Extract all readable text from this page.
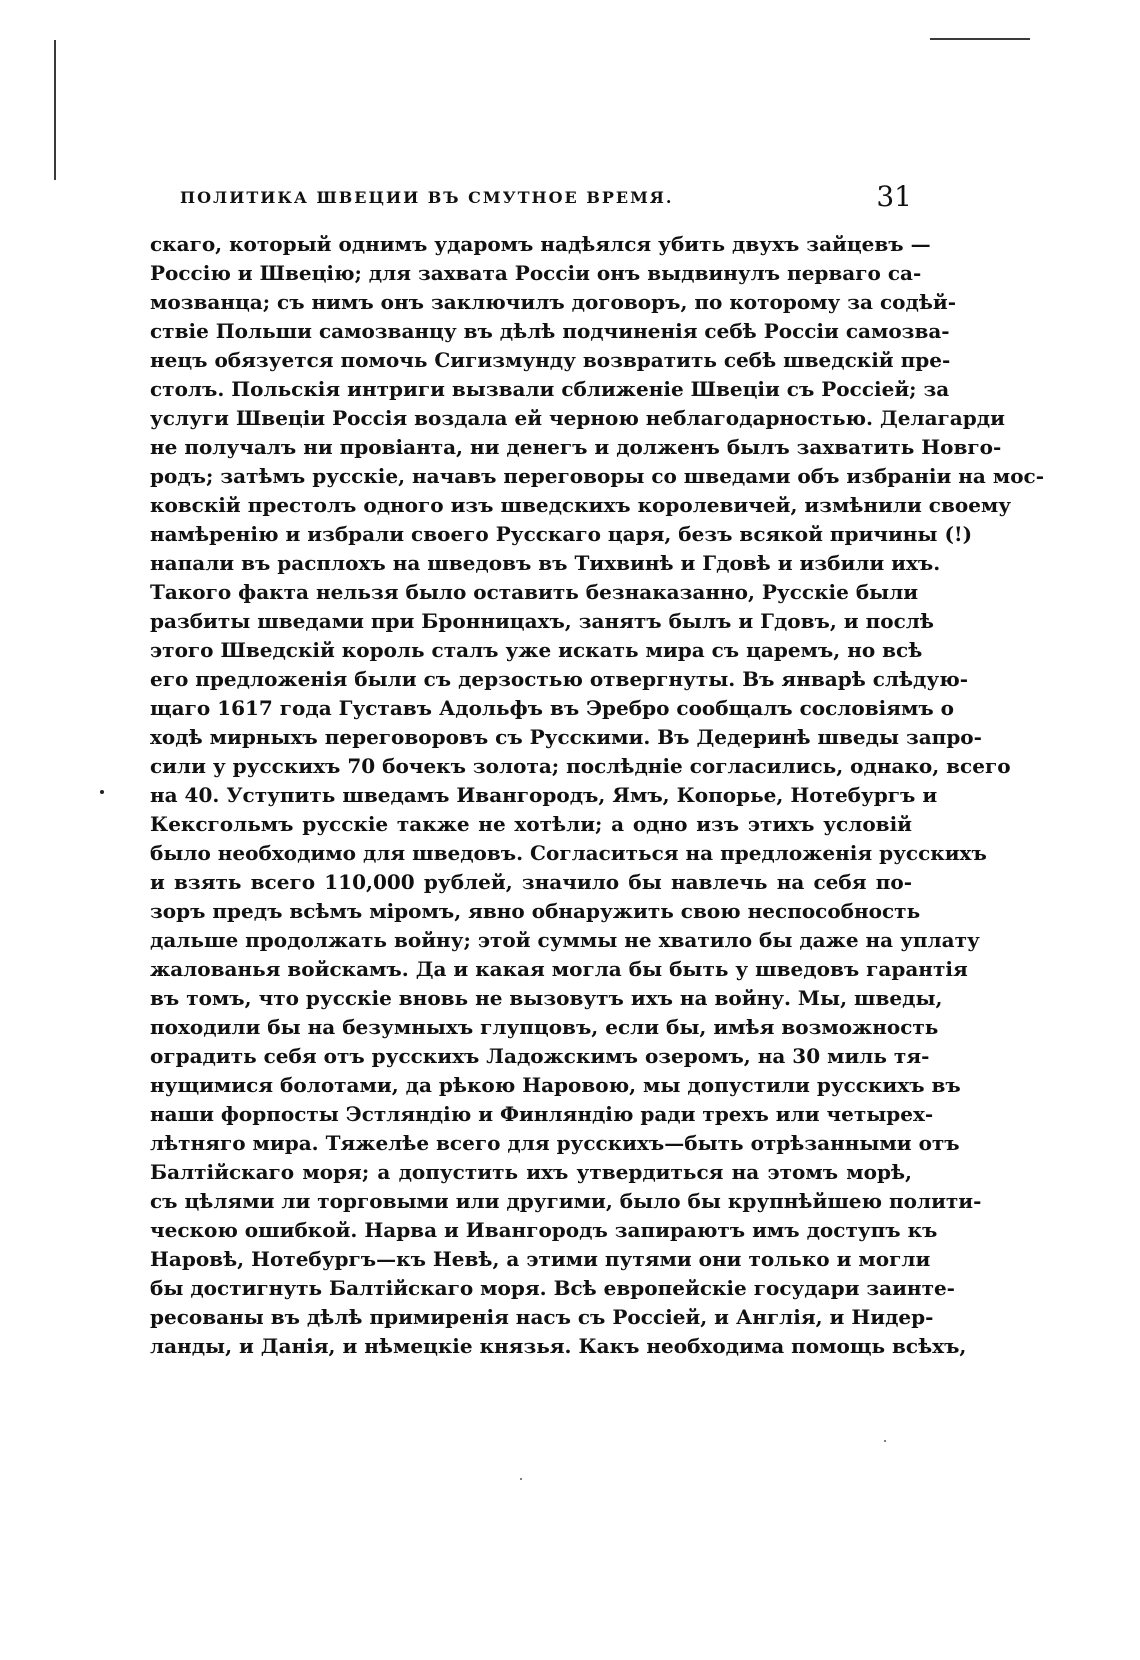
ПОЛИТИКА ШВЕЦИИ ВЪ СМУТНОЕ ВРЕМЯ.	31
скаго, который однимъ ударомъ надѣялся убить двухъ зайцевъ —
Россію и Швецію; для захвата Россіи онъ выдвинулъ перваго са-
мозванца; съ нимъ онъ заключилъ договоръ, по которому за содѣй-
ствіе Польши самозванцу въ дѣлѣ подчиненія себѣ Россіи самозва-
нецъ обязуется помочь Сигизмунду возвратить себѣ шведскій пре-
столъ. Польскія интриги вызвали сближеніе Швеціи съ Россіей; за
услуги Швеціи Россія воздала ей черною неблагодарностью. Делагарди
не получалъ ни провіанта, ни денегъ и долженъ былъ захватить Новго-
родъ; затѣмъ русскіе, начавъ переговоры со шведами объ избраніи на мос-
ковскій престолъ одного изъ шведскихъ королевичей, измѣнили своему
намѣренію и избрали своего Русскаго царя, безъ всякой причины (!)
напали въ расплохъ на шведовъ въ Тихвинѣ и Гдовѣ и избили ихъ.
Такого факта нельзя было оставить безнаказанно, Русскіе были
разбиты шведами при Бронницахъ, занятъ былъ и Гдовъ, и послѣ
этого Шведскій король сталъ уже искать мира съ царемъ, но всѣ
его предложенія были съ дерзостью отвергнуты. Въ январѣ слѣдую-
щаго 1617 года Густавъ Адольфъ въ Эребро сообщалъ сословіямъ о
ходѣ мирныхъ переговоровъ съ Русскими. Въ Дедеринѣ шведы запро-
сили у русскихъ 70 бочекъ золота; послѣдніе согласились, однако, всего
на 40. Уступить шведамъ Ивангородъ, Ямъ, Копорье, Нотебургъ и
Кексгольмъ русскіе также не хотѣли; а одно изъ этихъ условій
было необходимо для шведовъ. Согласиться на предложенія русскихъ
и взять всего 110,000 рублей, значило бы навлечь на себя по-
зоръ предъ всѣмъ міромъ, явно обнаружить свою неспособность
дальше продолжать войну; этой суммы не хватило бы даже на уплату
жалованья войскамъ. Да и какая могла бы быть у шведовъ гарантія
въ томъ, что русскіе вновь не вызовутъ ихъ на войну. Мы, шведы,
походили бы на безумныхъ глупцовъ, если бы, имѣя возможность
оградить себя отъ русскихъ Ладожскимъ озеромъ, на 30 миль тя-
нущимися болотами, да рѣкою Наровою, мы допустили русскихъ въ
наши форпосты Эстляндію и Финляндію ради трехъ или четырех-
лѣтняго мира. Тяжелѣе всего для русскихъ—быть отрѣзанными отъ
Балтійскаго моря; а допустить ихъ утвердиться на этомъ морѣ,
съ цѣлями ли торговыми или другими, было бы крупнѣйшею полити-
ческою ошибкой. Нарва и Ивангородъ запираютъ имъ доступъ къ
Наровѣ, Нотебургъ—къ Невѣ, а этими путями они только и могли
бы достигнуть Балтійскаго моря. Всѣ европейскіе государи заинте-
ресованы въ дѣлѣ примиренія насъ съ Россіей, и Англія, и Нидер-
ланды, и Данія, и нѣмецкіе князья. Какъ необходима помощь всѣхъ,
